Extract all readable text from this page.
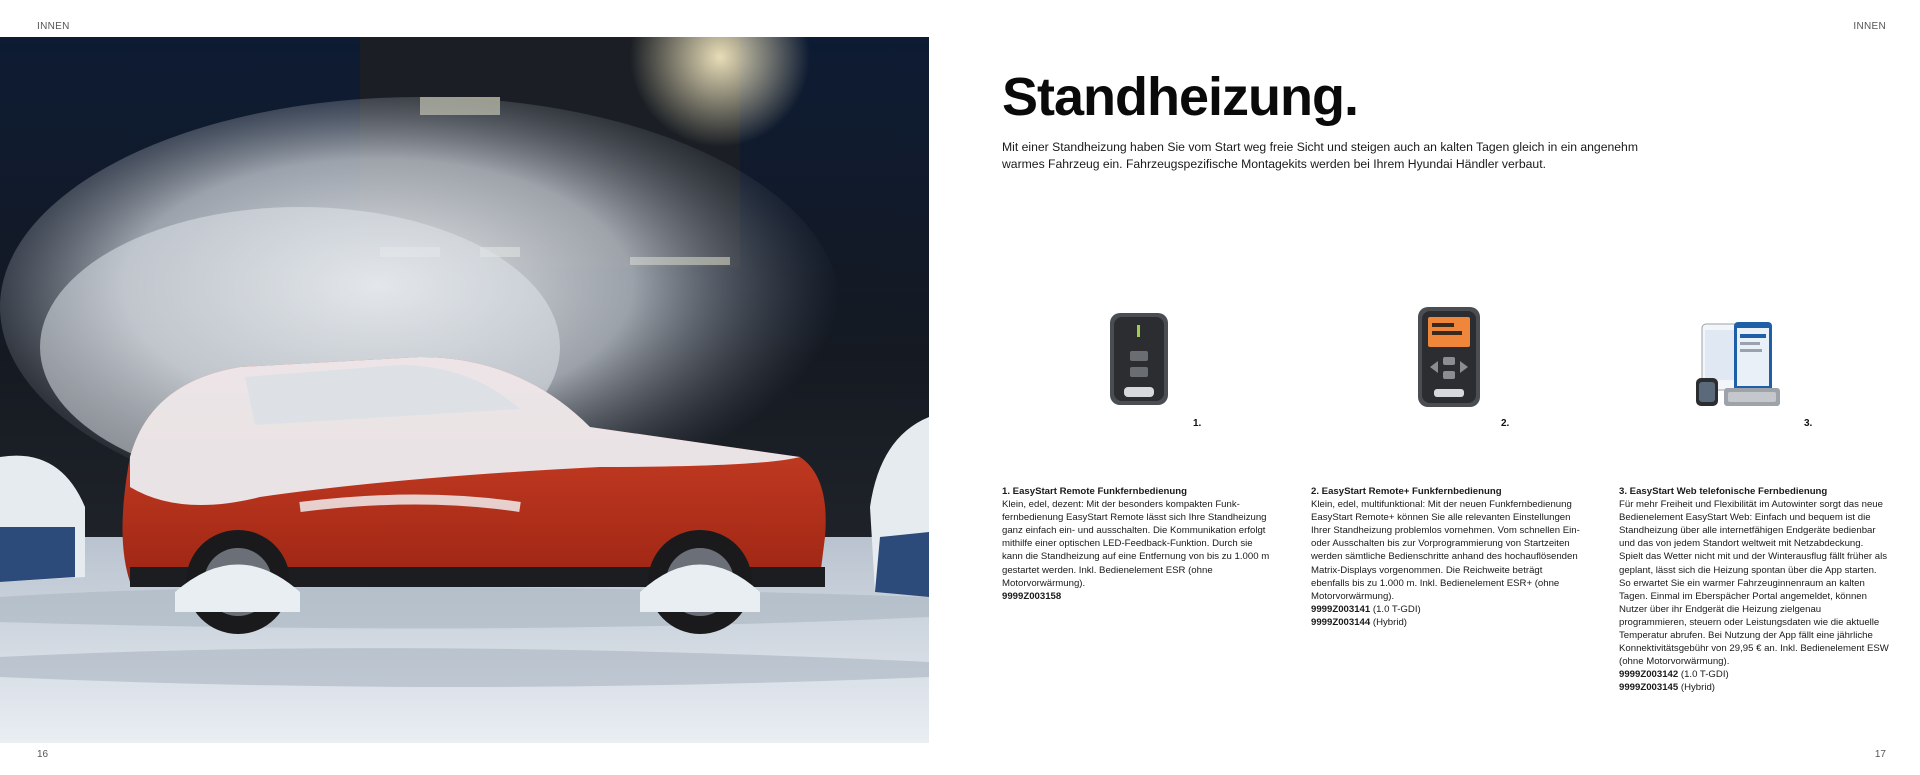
INNEN	INNEN
Standheizung.

Mit einer Standheizung haben Sie vom Start weg freie Sicht und steigen auch an kalten Tagen gleich in ein angenehm warmes Fahrzeug ein. Fahrzeugspezifische Montagekits werden bei Ihrem Hyundai Händler verbaut.

1.	2.	3.
1. EasyStart Remote Funkfernbedienung
Klein, edel, dezent: Mit der besonders kompakten Funkfernbedienung EasyStart Remote lässt sich Ihre Standheizung ganz einfach ein- und ausschalten. Die Kommunikation erfolgt mithilfe einer optischen LED-Feedback-Funktion. Durch sie kann die Standheizung auf eine Entfernung von bis zu 1.000 m gestartet werden. Inkl. Bedienelement ESR (ohne Motorvorwärmung).
9999Z003158
2. EasyStart Remote+ Funkfernbedienung
Klein, edel, multifunktional: Mit der neuen Funkfernbedienung EasyStart Remote+ können Sie alle relevanten Einstellungen Ihrer Standheizung problemlos vornehmen. Vom schnellen Ein- oder Ausschalten bis zur Vorprogrammierung von Startzeiten werden sämtliche Bedienschritte anhand des hochauflösenden Matrix-Displays vorgenommen. Die Reichweite beträgt ebenfalls bis zu 1.000 m. Inkl. Bedienelement ESR+ (ohne Motorvorwärmung).
9999Z003141 (1.0 T-GDI)
9999Z003144 (Hybrid)
3. EasyStart Web telefonische Fernbedienung
Für mehr Freiheit und Flexibilität im Autowinter sorgt das neue Bedienelement EasyStart Web: Einfach und bequem ist die Standheizung über alle internetfähigen Endgeräte bedienbar und das von jedem Standort weltweit mit Netzabdeckung. Spielt das Wetter nicht mit und der Winterausflug fällt früher als geplant, lässt sich die Heizung spontan über die App starten. So erwartet Sie ein warmer Fahrzeuginnenraum an kalten Tagen. Einmal im Eberspächer Portal angemeldet, können Nutzer über ihr Endgerät die Heizung zielgenau programmieren, steuern oder Leistungsdaten wie die aktuelle Temperatur abrufen. Bei Nutzung der App fällt eine jährliche Konnektivitätsgebühr von 29,95 € an. Inkl. Bedienelement ESW (ohne Motorvorwärmung).
9999Z003142 (1.0 T-GDI)
9999Z003145 (Hybrid)
16	17
